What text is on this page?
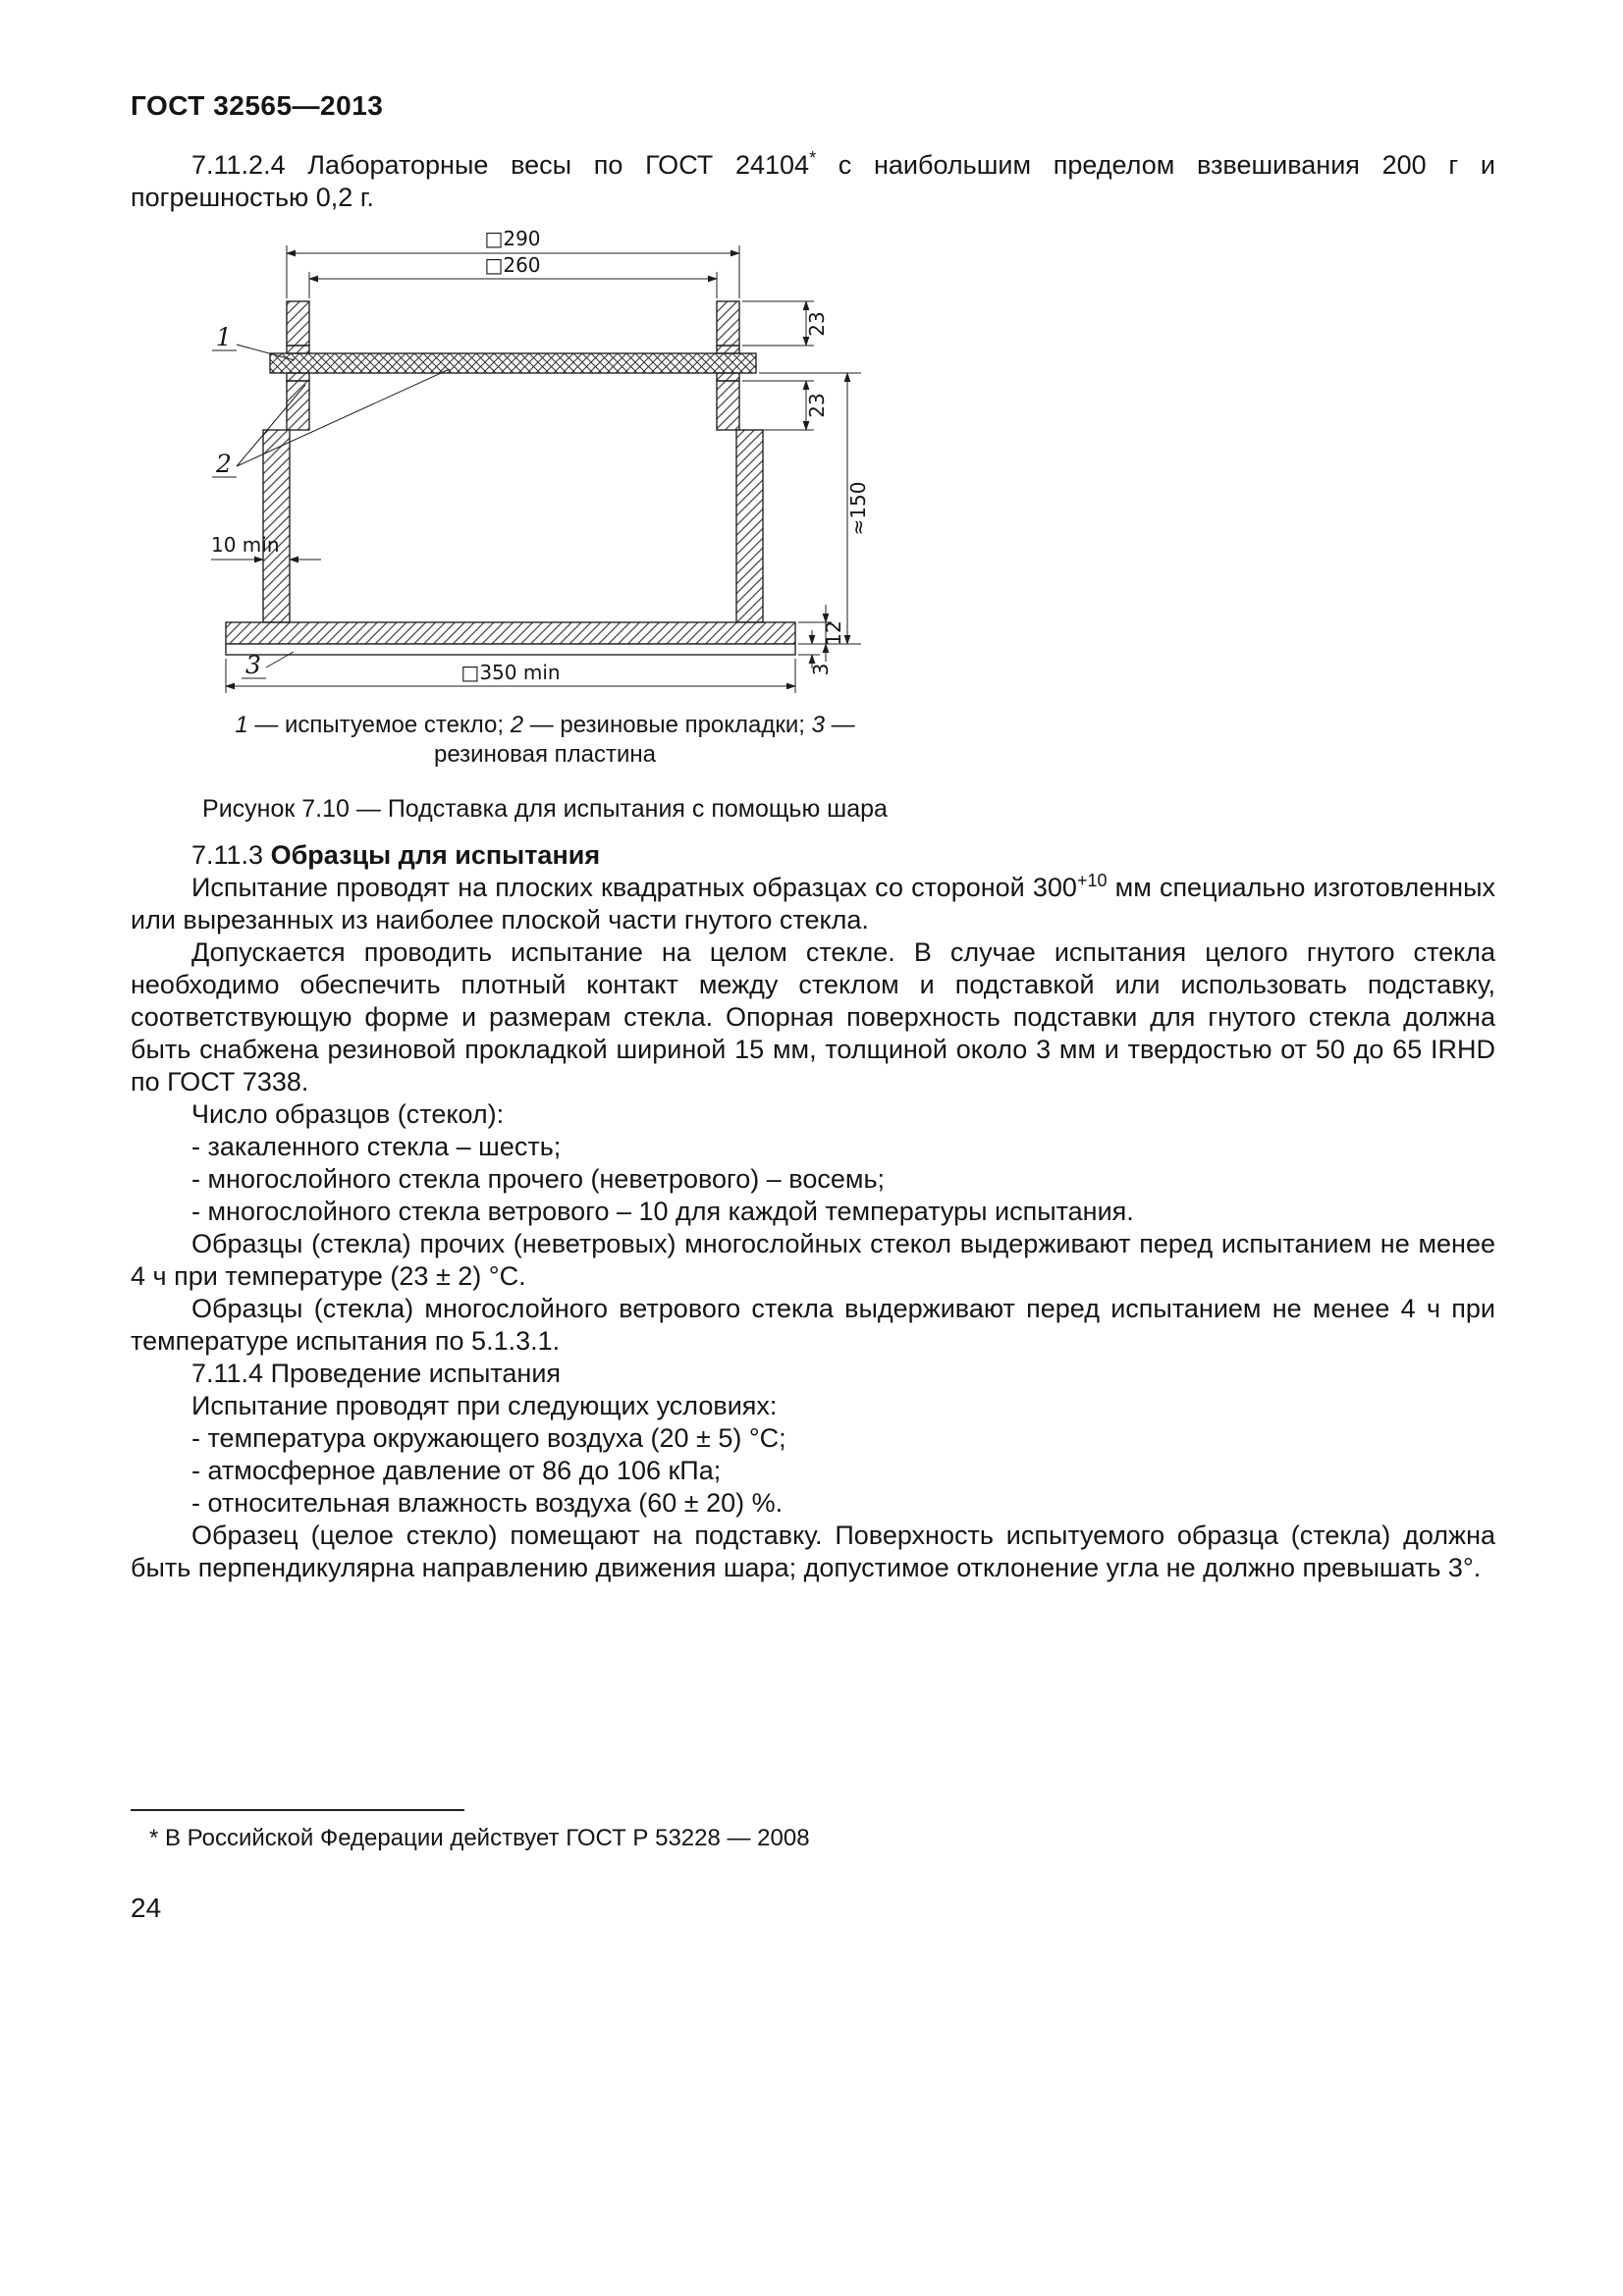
ГОСТ 32565—2013

7.11.2.4 Лабораторные весы по ГОСТ 24104* с наибольшим пределом взвешивания 200 г и погрешностью 0,2 г.

□290
□260
23
23
≈150
12
3
10 min
□350 min
1
2
3
1 — испытуемое стекло; 2 — резиновые прокладки; 3 — резиновая пластина
Рисунок 7.10 — Подставка для испытания с помощью шара

7.11.3 Образцы для испытания

Испытание проводят на плоских квадратных образцах со стороной $300^{+10}$ мм специально изготовленных или вырезанных из наиболее плоской части гнутого стекла.

Допускается проводить испытание на целом стекле. В случае испытания целого гнутого стекла необходимо обеспечить плотный контакт между стеклом и подставкой или использовать подставку, соответствующую форме и размерам стекла. Опорная поверхность подставки для гнутого стекла должна быть снабжена резиновой прокладкой шириной 15 мм, толщиной около 3 мм и твердостью от 50 до 65 IRHD по ГОСТ 7338.

Число образцов (стекол):

- закаленного стекла – шесть;

- многослойного стекла прочего (неветрового) – восемь;

- многослойного стекла ветрового – 10 для каждой температуры испытания.

Образцы (стекла) прочих (неветровых) многослойных стекол выдерживают перед испытанием не менее 4 ч при температуре (23 ± 2) °С.

Образцы (стекла) многослойного ветрового стекла выдерживают перед испытанием не менее 4 ч при температуре испытания по 5.1.3.1.

7.11.4 Проведение испытания

Испытание проводят при следующих условиях:

- температура окружающего воздуха (20 ± 5) °С;

- атмосферное давление от 86 до 106 кПа;

- относительная влажность воздуха (60 ± 20) %.

Образец (целое стекло) помещают на подставку. Поверхность испытуемого образца (стекла) должна быть перпендикулярна направлению движения шара; допустимое отклонение угла не должно превышать 3°.

* В Российской Федерации действует ГОСТ Р 53228 — 2008
24
